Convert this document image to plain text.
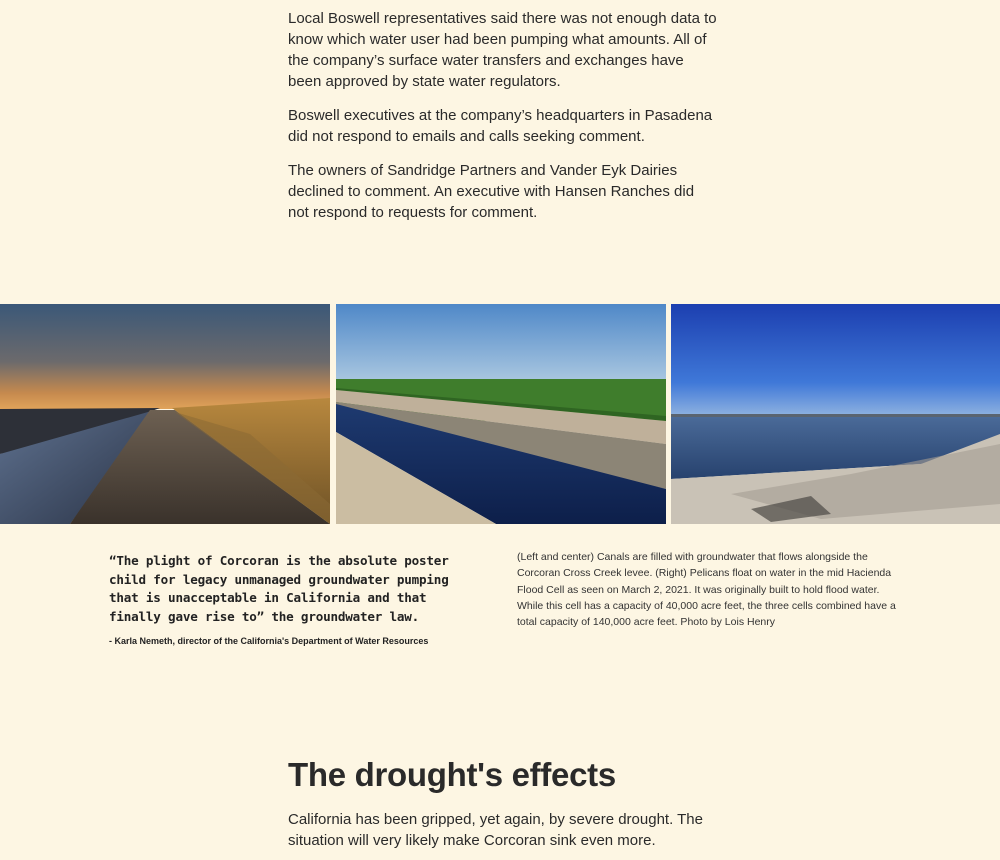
Local Boswell representatives said there was not enough data to know which water user had been pumping what amounts. All of the company’s surface water transfers and exchanges have been approved by state water regulators.

Boswell executives at the company’s headquarters in Pasadena did not respond to emails and calls seeking comment.

The owners of Sandridge Partners and Vander Eyk Dairies declined to comment. An executive with Hansen Ranches did not respond to requests for comment.

“The plight of Corcoran is the absolute poster child for legacy unmanaged groundwater pumping that is unacceptable in California and that finally gave rise to” the groundwater law.

- Karla Nemeth, director of the California's Department of Water Resources

(Left and center) Canals are filled with groundwater that flows alongside the Corcoran Cross Creek levee. (Right) Pelicans float on water in the mid Hacienda Flood Cell as seen on March 2, 2021. It was originally built to hold flood water. While this cell has a capacity of 40,000 acre feet, the three cells combined have a total capacity of 140,000 acre feet. Photo by Lois Henry

The drought's effects

California has been gripped, yet again, by severe drought. The situation will very likely make Corcoran sink even more.
